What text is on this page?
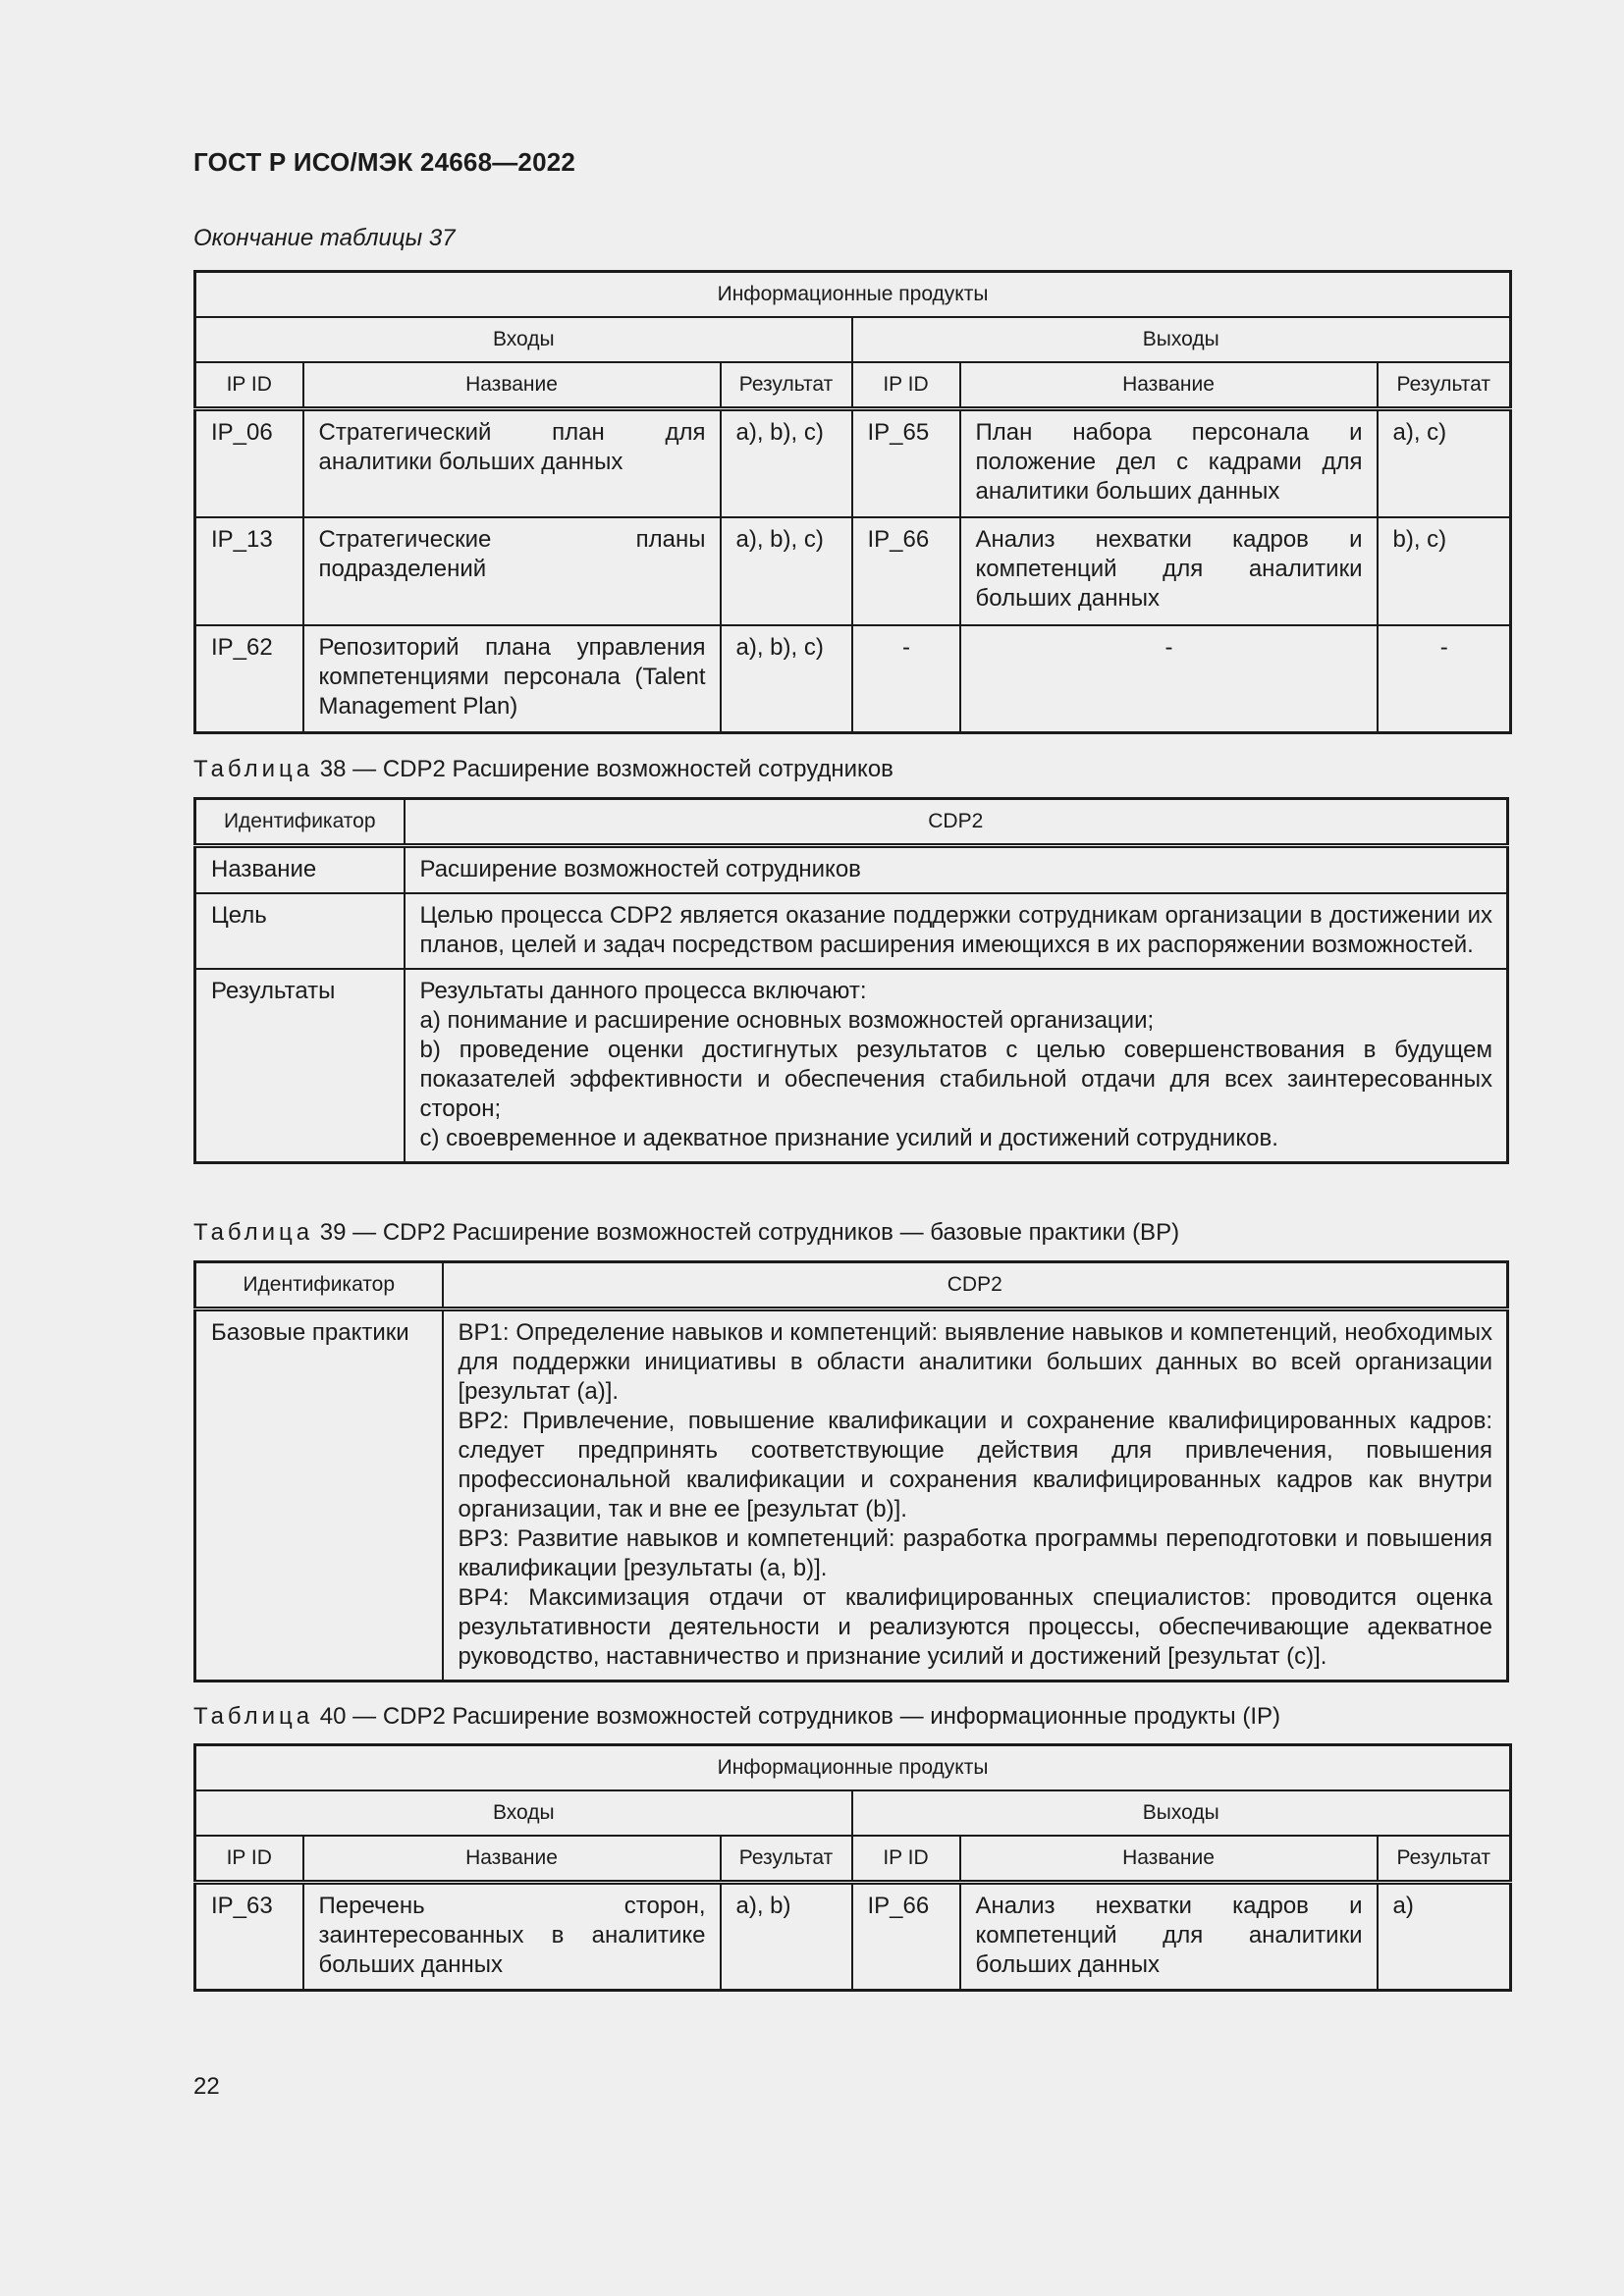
ГОСТ Р ИСО/МЭК 24668—2022
Окончание таблицы 37
Информационные продукты					
Входы			Выходы		
IP ID	Название	Результат	IP ID	Название	Результат
IP_06	Стратегический план для аналитики больших данных	a), b), c)	IP_65	План набора персонала и положение дел с кадрами для аналитики больших данных	a), c)
IP_13	Стратегические планы подразделений	a), b), c)	IP_66	Анализ нехватки кадров и компетенций для аналитики больших данных	b), c)
IP_62	Репозиторий плана управления компетенциями персонала (Talent Management Plan)	a), b), c)	-	-	-
Таблица 38 — CDP2 Расширение возможностей сотрудников
Идентификатор	CDP2
Название	Расширение возможностей сотрудников
Цель	Целью процесса CDP2 является оказание поддержки сотрудникам организации в достижении их планов, целей и задач посредством расширения имеющихся в их распоряжении возможностей.
Результаты	Результаты данного процесса включают:
a) понимание и расширение основных возможностей организации;
b) проведение оценки достигнутых результатов с целью совершенствования в будущем показателей эффективности и обеспечения стабильной отдачи для всех заинтересованных сторон;
c) своевременное и адекватное признание усилий и достижений сотрудников.
Таблица 39 — CDP2 Расширение возможностей сотрудников — базовые практики (BP)
Идентификатор	CDP2
Базовые практики	BP1: Определение навыков и компетенций: выявление навыков и компетенций, необходимых для поддержки инициативы в области аналитики больших данных во всей организации [результат (a)].
BP2: Привлечение, повышение квалификации и сохранение квалифицированных кадров: следует предпринять соответствующие действия для привлечения, повышения профессиональной квалификации и сохранения квалифицированных кадров как внутри организации, так и вне ее [результат (b)].
BP3: Развитие навыков и компетенций: разработка программы переподготовки и повышения квалификации [результаты (a, b)].
BP4: Максимизация отдачи от квалифицированных специалистов: проводится оценка результативности деятельности и реализуются процессы, обеспечивающие адекватное руководство, наставничество и признание усилий и достижений [результат (c)].
Таблица 40 — CDP2 Расширение возможностей сотрудников — информационные продукты (IP)
Информационные продукты					
Входы			Выходы		
IP ID	Название	Результат	IP ID	Название	Результат
IP_63	Перечень сторон, заинтересованных в аналитике больших данных	a), b)	IP_66	Анализ нехватки кадров и компетенций для аналитики больших данных	a)
22
